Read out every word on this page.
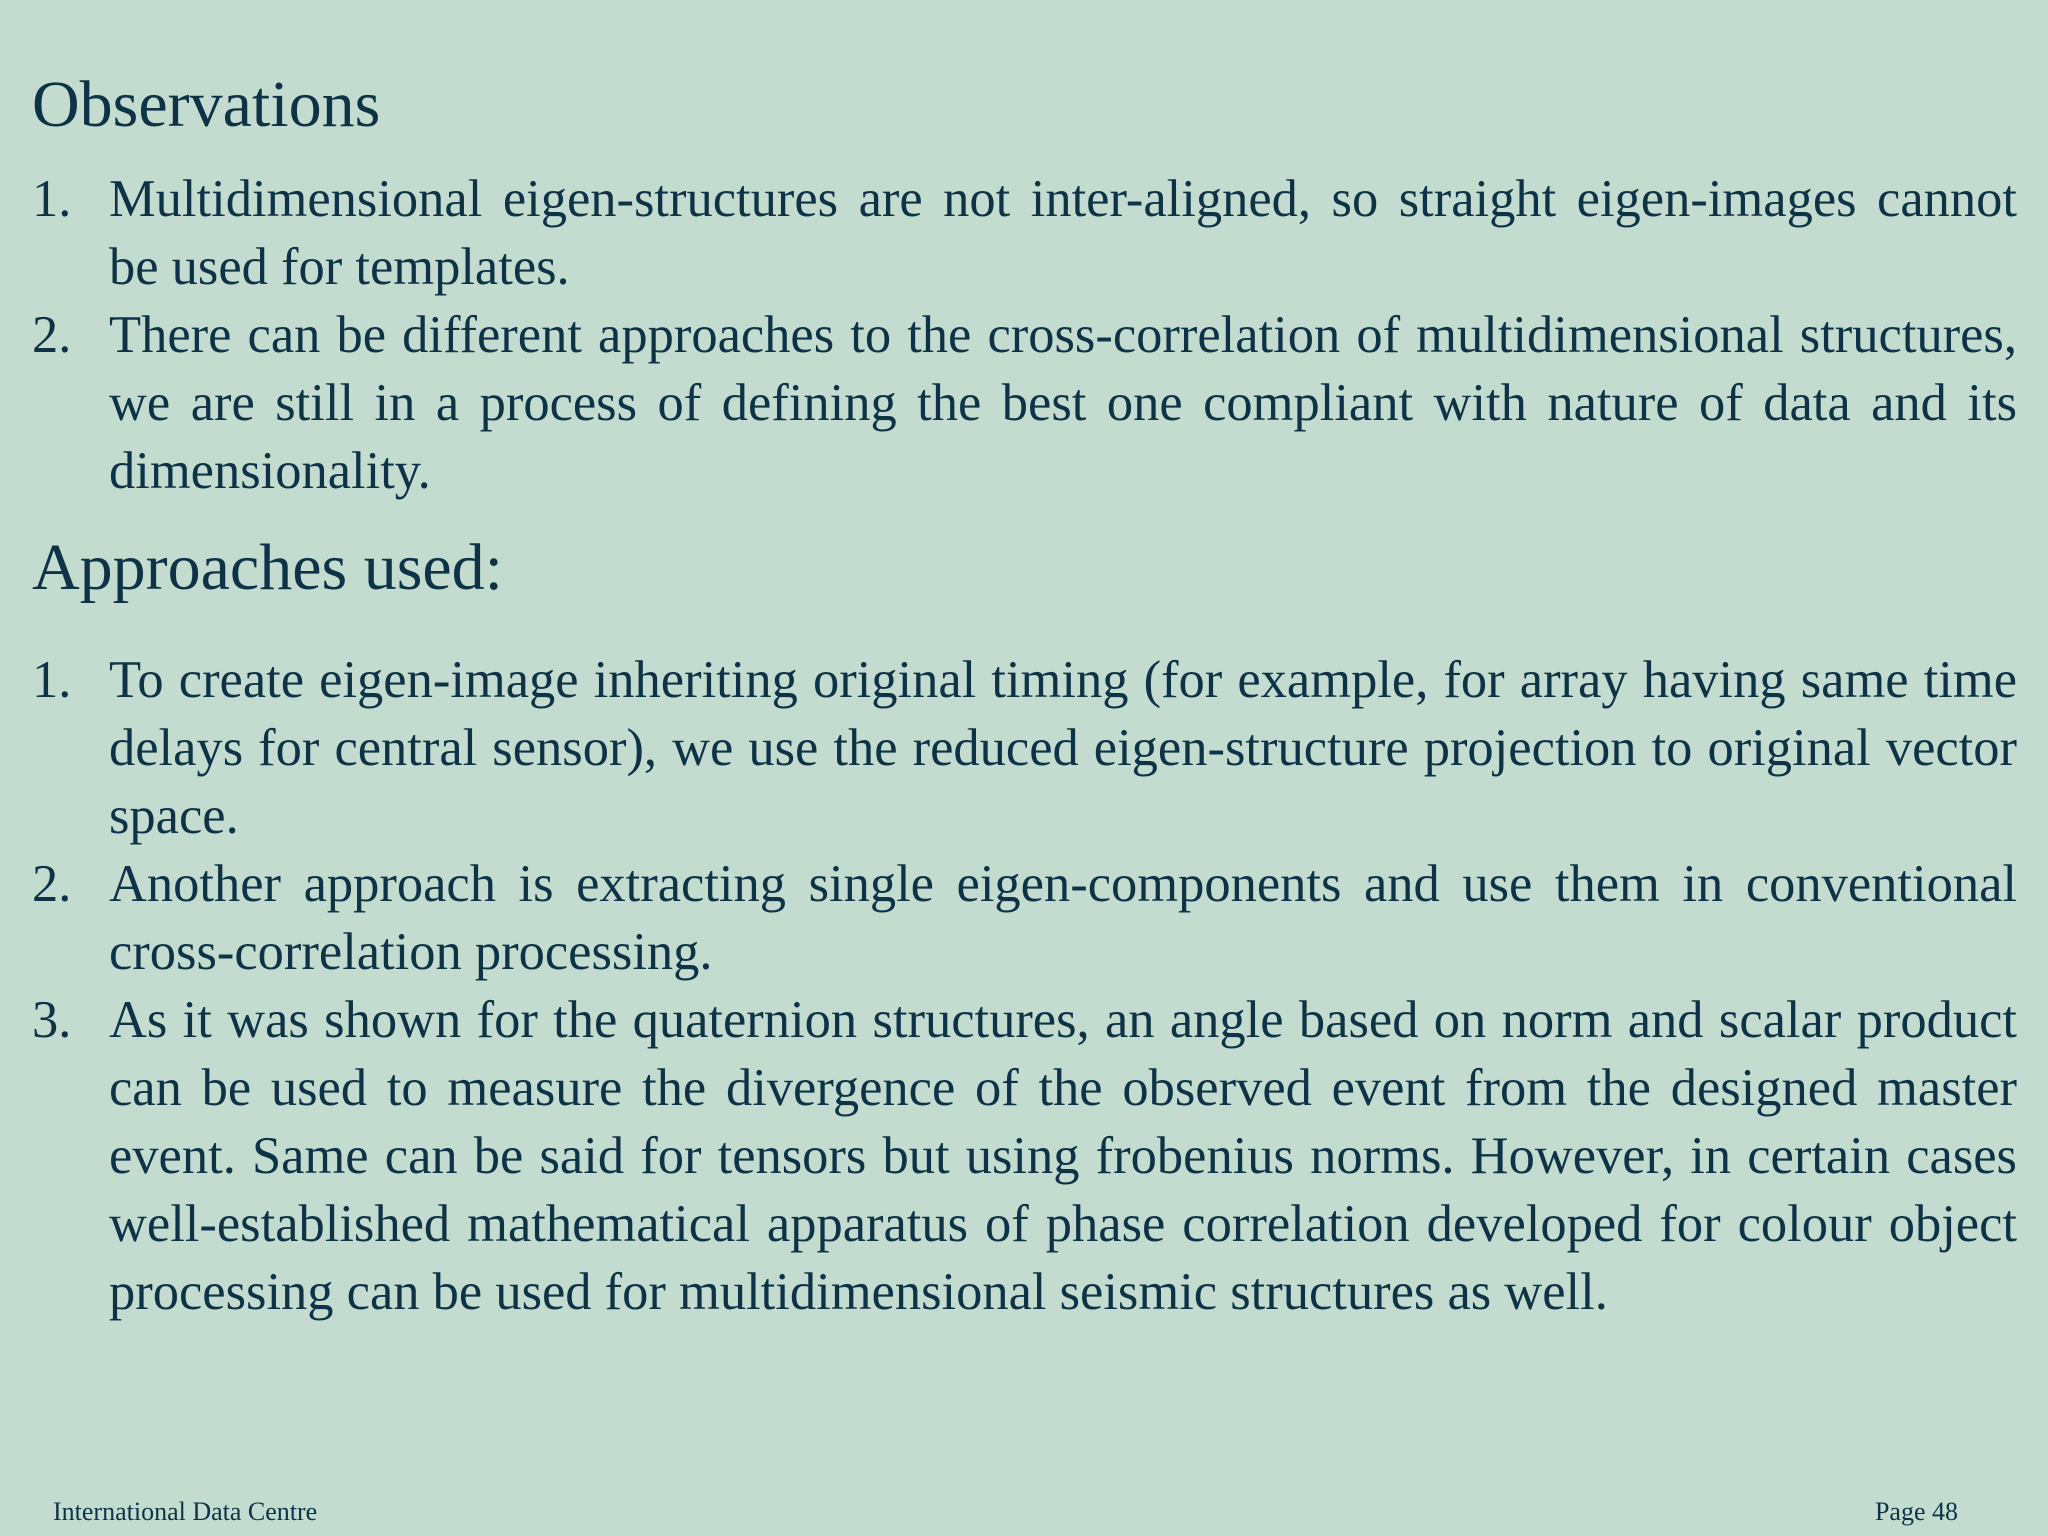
Observations
1. Multidimensional eigen-structures are not inter-aligned, so straight eigen-images cannot be used for templates.
2. There can be different approaches to the cross-correlation of multidimensional structures, we are still in a process of defining the best one compliant with nature of data and its dimensionality.
Approaches used:
1. To create eigen-image inheriting original timing (for example, for array having same time delays for central sensor), we use the reduced eigen-structure projection to original vector space.
2. Another approach is extracting single eigen-components and use them in conventional cross-correlation processing.
3. As it was shown for the quaternion structures, an angle based on norm and scalar product can be used to measure the divergence of the observed event from the designed master event. Same can be said for tensors but using frobenius norms. However, in certain cases well-established mathematical apparatus of phase correlation developed for colour object processing can be used for multidimensional seismic structures as well.
International Data Centre	Page 48
